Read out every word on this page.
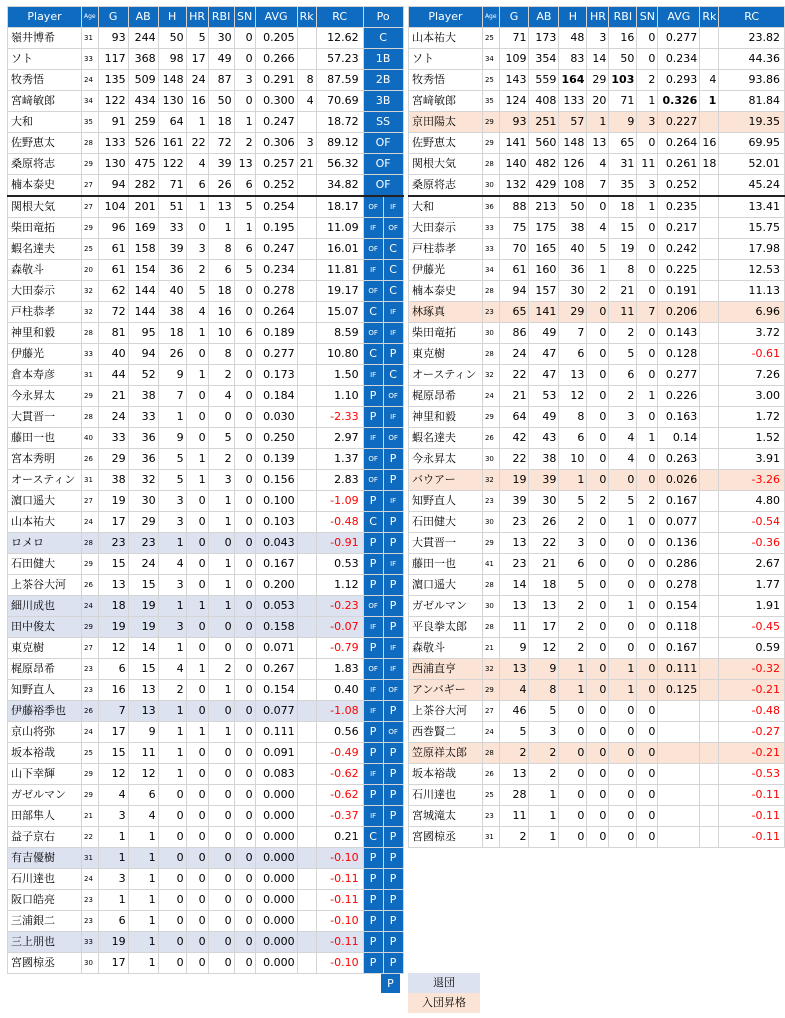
Player	Age	G	AB	H	HR	RBI	SN	AVG	Rk	RC	Po	
嶺井博希	31	93	244	50	5	30	0	0.205		12.62	C	
ソト	33	117	368	98	17	49	0	0.266		57.23	1B	
牧秀悟	24	135	509	148	24	87	3	0.291	8	87.59	2B	
宮﨑敏郎	34	122	434	130	16	50	0	0.300	4	70.69	3B	
大和	35	91	259	64	1	18	1	0.247		18.72	SS	
佐野恵太	28	133	526	161	22	72	2	0.306	3	89.12	OF	
桑原将志	29	130	475	122	4	39	13	0.257	21	56.32	OF	
楠本泰史	27	94	282	71	6	26	6	0.252		34.82	OF	
関根大気	27	104	201	51	1	13	5	0.254		18.17	OF	IF
柴田竜拓	29	96	169	33	0	1	1	0.195		11.09	IF	OF
蝦名達夫	25	61	158	39	3	8	6	0.247		16.01	OF	C
森敬斗	20	61	154	36	2	6	5	0.234		11.81	IF	C
大田泰示	32	62	144	40	5	18	0	0.278		19.17	OF	C
戸柱恭孝	32	72	144	38	4	16	0	0.264		15.07	C	IF
神里和毅	28	81	95	18	1	10	6	0.189		8.59	OF	IF
伊藤光	33	40	94	26	0	8	0	0.277		10.80	C	P
倉本寿彦	31	44	52	9	1	2	0	0.173		1.50	IF	C
今永昇太	29	21	38	7	0	4	0	0.184		1.10	P	OF
大貫晋一	28	24	33	1	0	0	0	0.030		-2.33	P	IF
藤田一也	40	33	36	9	0	5	0	0.250		2.97	IF	OF
宮本秀明	26	29	36	5	1	2	0	0.139		1.37	OF	P
オースティン	31	38	32	5	1	3	0	0.156		2.83	OF	P
濵口遥大	27	19	30	3	0	1	0	0.100		-1.09	P	IF
山本祐大	24	17	29	3	0	1	0	0.103		-0.48	C	P
ロメロ	28	23	23	1	0	0	0	0.043		-0.91	P	P
石田健大	29	15	24	4	0	1	0	0.167		0.53	P	IF
上茶谷大河	26	13	15	3	0	1	0	0.200		1.12	P	P
細川成也	24	18	19	1	1	1	0	0.053		-0.23	OF	P
田中俊太	29	19	19	3	0	0	0	0.158		-0.07	IF	P
東克樹	27	12	14	1	0	0	0	0.071		-0.79	P	IF
梶原昂希	23	6	15	4	1	2	0	0.267		1.83	OF	IF
知野直人	23	16	13	2	0	1	0	0.154		0.40	IF	OF
伊藤裕季也	26	7	13	1	0	0	0	0.077		-1.08	IF	P
京山将弥	24	17	9	1	1	1	0	0.111		0.56	P	OF
坂本裕哉	25	15	11	1	0	0	0	0.091		-0.49	P	P
山下幸輝	29	12	12	1	0	0	0	0.083		-0.62	IF	P
ガゼルマン	29	4	6	0	0	0	0	0.000		-0.62	P	P
田部隼人	21	3	4	0	0	0	0	0.000		-0.37	IF	P
益子京右	22	1	1	0	0	0	0	0.000		0.21	C	P
有吉優樹	31	1	1	0	0	0	0	0.000		-0.10	P	P
石川達也	24	3	1	0	0	0	0	0.000		-0.11	P	P
阪口皓亮	23	1	1	0	0	0	0	0.000		-0.11	P	P
三浦銀二	23	6	1	0	0	0	0	0.000		-0.10	P	P
三上朋也	33	19	1	0	0	0	0	0.000		-0.11	P	P
宮國椋丞	30	17	1	0	0	0	0	0.000		-0.10	P	P
Player	Age	G	AB	H	HR	RBI	SN	AVG	Rk	RC
山本祐大	25	71	173	48	3	16	0	0.277		23.82
ソト	34	109	354	83	14	50	0	0.234		44.36
牧秀悟	25	143	559	164	29	103	2	0.293	4	93.86
宮﨑敏郎	35	124	408	133	20	71	1	0.326	1	81.84
京田陽太	29	93	251	57	1	9	3	0.227		19.35
佐野恵太	29	141	560	148	13	65	0	0.264	16	69.95
関根大気	28	140	482	126	4	31	11	0.261	18	52.01
桑原将志	30	132	429	108	7	35	3	0.252		45.24
大和	36	88	213	50	0	18	1	0.235		13.41
大田泰示	33	75	175	38	4	15	0	0.217		15.75
戸柱恭孝	33	70	165	40	5	19	0	0.242		17.98
伊藤光	34	61	160	36	1	8	0	0.225		12.53
楠本泰史	28	94	157	30	2	21	0	0.191		11.13
林琢真	23	65	141	29	0	11	7	0.206		6.96
柴田竜拓	30	86	49	7	0	2	0	0.143		3.72
東克樹	28	24	47	6	0	5	0	0.128		-0.61
オースティン	32	22	47	13	0	6	0	0.277		7.26
梶原昂希	24	21	53	12	0	2	1	0.226		3.00
神里和毅	29	64	49	8	0	3	0	0.163		1.72
蝦名達夫	26	42	43	6	0	4	1	0.14		1.52
今永昇太	30	22	38	10	0	4	0	0.263		3.91
バウアー	32	19	39	1	0	0	0	0.026		-3.26
知野直人	23	39	30	5	2	5	2	0.167		4.80
石田健大	30	23	26	2	0	1	0	0.077		-0.54
大貫晋一	29	13	22	3	0	0	0	0.136		-0.36
藤田一也	41	23	21	6	0	0	0	0.286		2.67
濵口遥大	28	14	18	5	0	0	0	0.278		1.77
ガゼルマン	30	13	13	2	0	1	0	0.154		1.91
平良拳太郎	28	11	17	2	0	0	0	0.118		-0.45
森敬斗	21	9	12	2	0	0	0	0.167		0.59
西浦直亨	32	13	9	1	0	1	0	0.111		-0.32
アンバギー	29	4	8	1	0	1	0	0.125		-0.21
上茶谷大河	27	46	5	0	0	0	0			-0.48
西巻賢二	24	5	3	0	0	0	0			-0.27
笠原祥太郎	28	2	2	0	0	0	0			-0.21
坂本裕哉	26	13	2	0	0	0	0			-0.53
石川達也	25	28	1	0	0	0	0			-0.11
宮城滝太	23	11	1	0	0	0	0			-0.11
宮國椋丞	31	2	1	0	0	0	0			-0.11
P	退団
入団昇格
